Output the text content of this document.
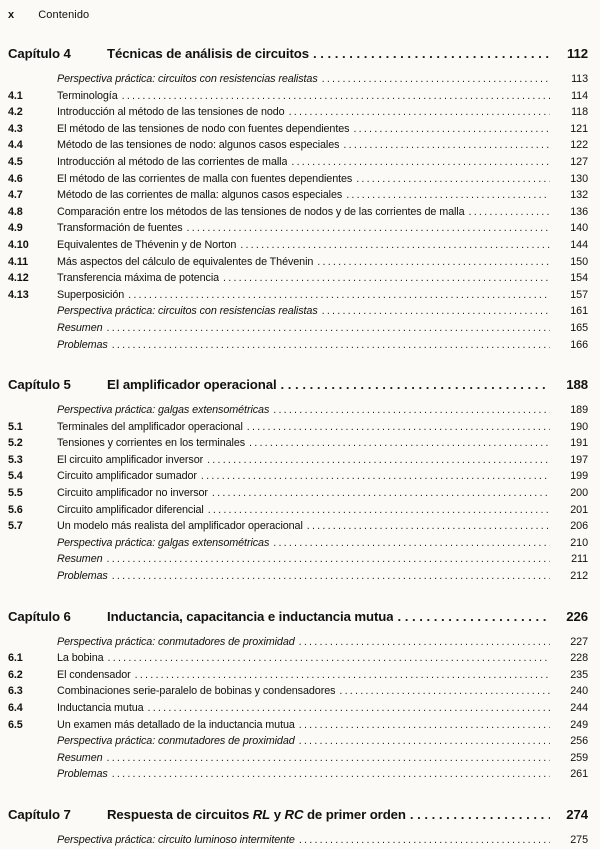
x Contenido
Capítulo 4	Técnicas de análisis de circuitos .....	112
Perspectiva práctica: circuitos con resistencias realistas .....	113
4.1	Terminología .....	114
4.2	Introducción al método de las tensiones de nodo .....	118
4.3	El método de las tensiones de nodo con fuentes dependientes .....	121
4.4	Método de las tensiones de nodo: algunos casos especiales .....	122
4.5	Introducción al método de las corrientes de malla .....	127
4.6	El método de las corrientes de malla con fuentes dependientes .....	130
4.7	Método de las corrientes de malla: algunos casos especiales .....	132
4.8	Comparación entre los métodos de las tensiones de nodos y de las corrientes de malla .....	136
4.9	Transformación de fuentes .....	140
4.10	Equivalentes de Thévenin y de Norton .....	144
4.11	Más aspectos del cálculo de equivalentes de Thévenin .....	150
4.12	Transferencia máxima de potencia .....	154
4.13	Superposición .....	157
Perspectiva práctica: circuitos con resistencias realistas .....	161
Resumen .....	165
Problemas .....	166
Capítulo 5	El amplificador operacional .....	188
Perspectiva práctica: galgas extensométricas .....	189
5.1	Terminales del amplificador operacional .....	190
5.2	Tensiones y corrientes en los terminales .....	191
5.3	El circuito amplificador inversor .....	197
5.4	Circuito amplificador sumador .....	199
5.5	Circuito amplificador no inversor .....	200
5.6	Circuito amplificador diferencial .....	201
5.7	Un modelo más realista del amplificador operacional .....	206
Perspectiva práctica: galgas extensométricas .....	210
Resumen .....	211
Problemas .....	212
Capítulo 6	Inductancia, capacitancia e inductancia mutua .....	226
Perspectiva práctica: conmutadores de proximidad .....	227
6.1	La bobina .....	228
6.2	El condensador .....	235
6.3	Combinaciones serie-paralelo de bobinas y condensadores .....	240
6.4	Inductancia mutua .....	244
6.5	Un examen más detallado de la inductancia mutua .....	249
Perspectiva práctica: conmutadores de proximidad .....	256
Resumen .....	259
Problemas .....	261
Capítulo 7	Respuesta de circuitos RL y RC de primer orden .....	274
Perspectiva práctica: circuito luminoso intermitente .....	275
